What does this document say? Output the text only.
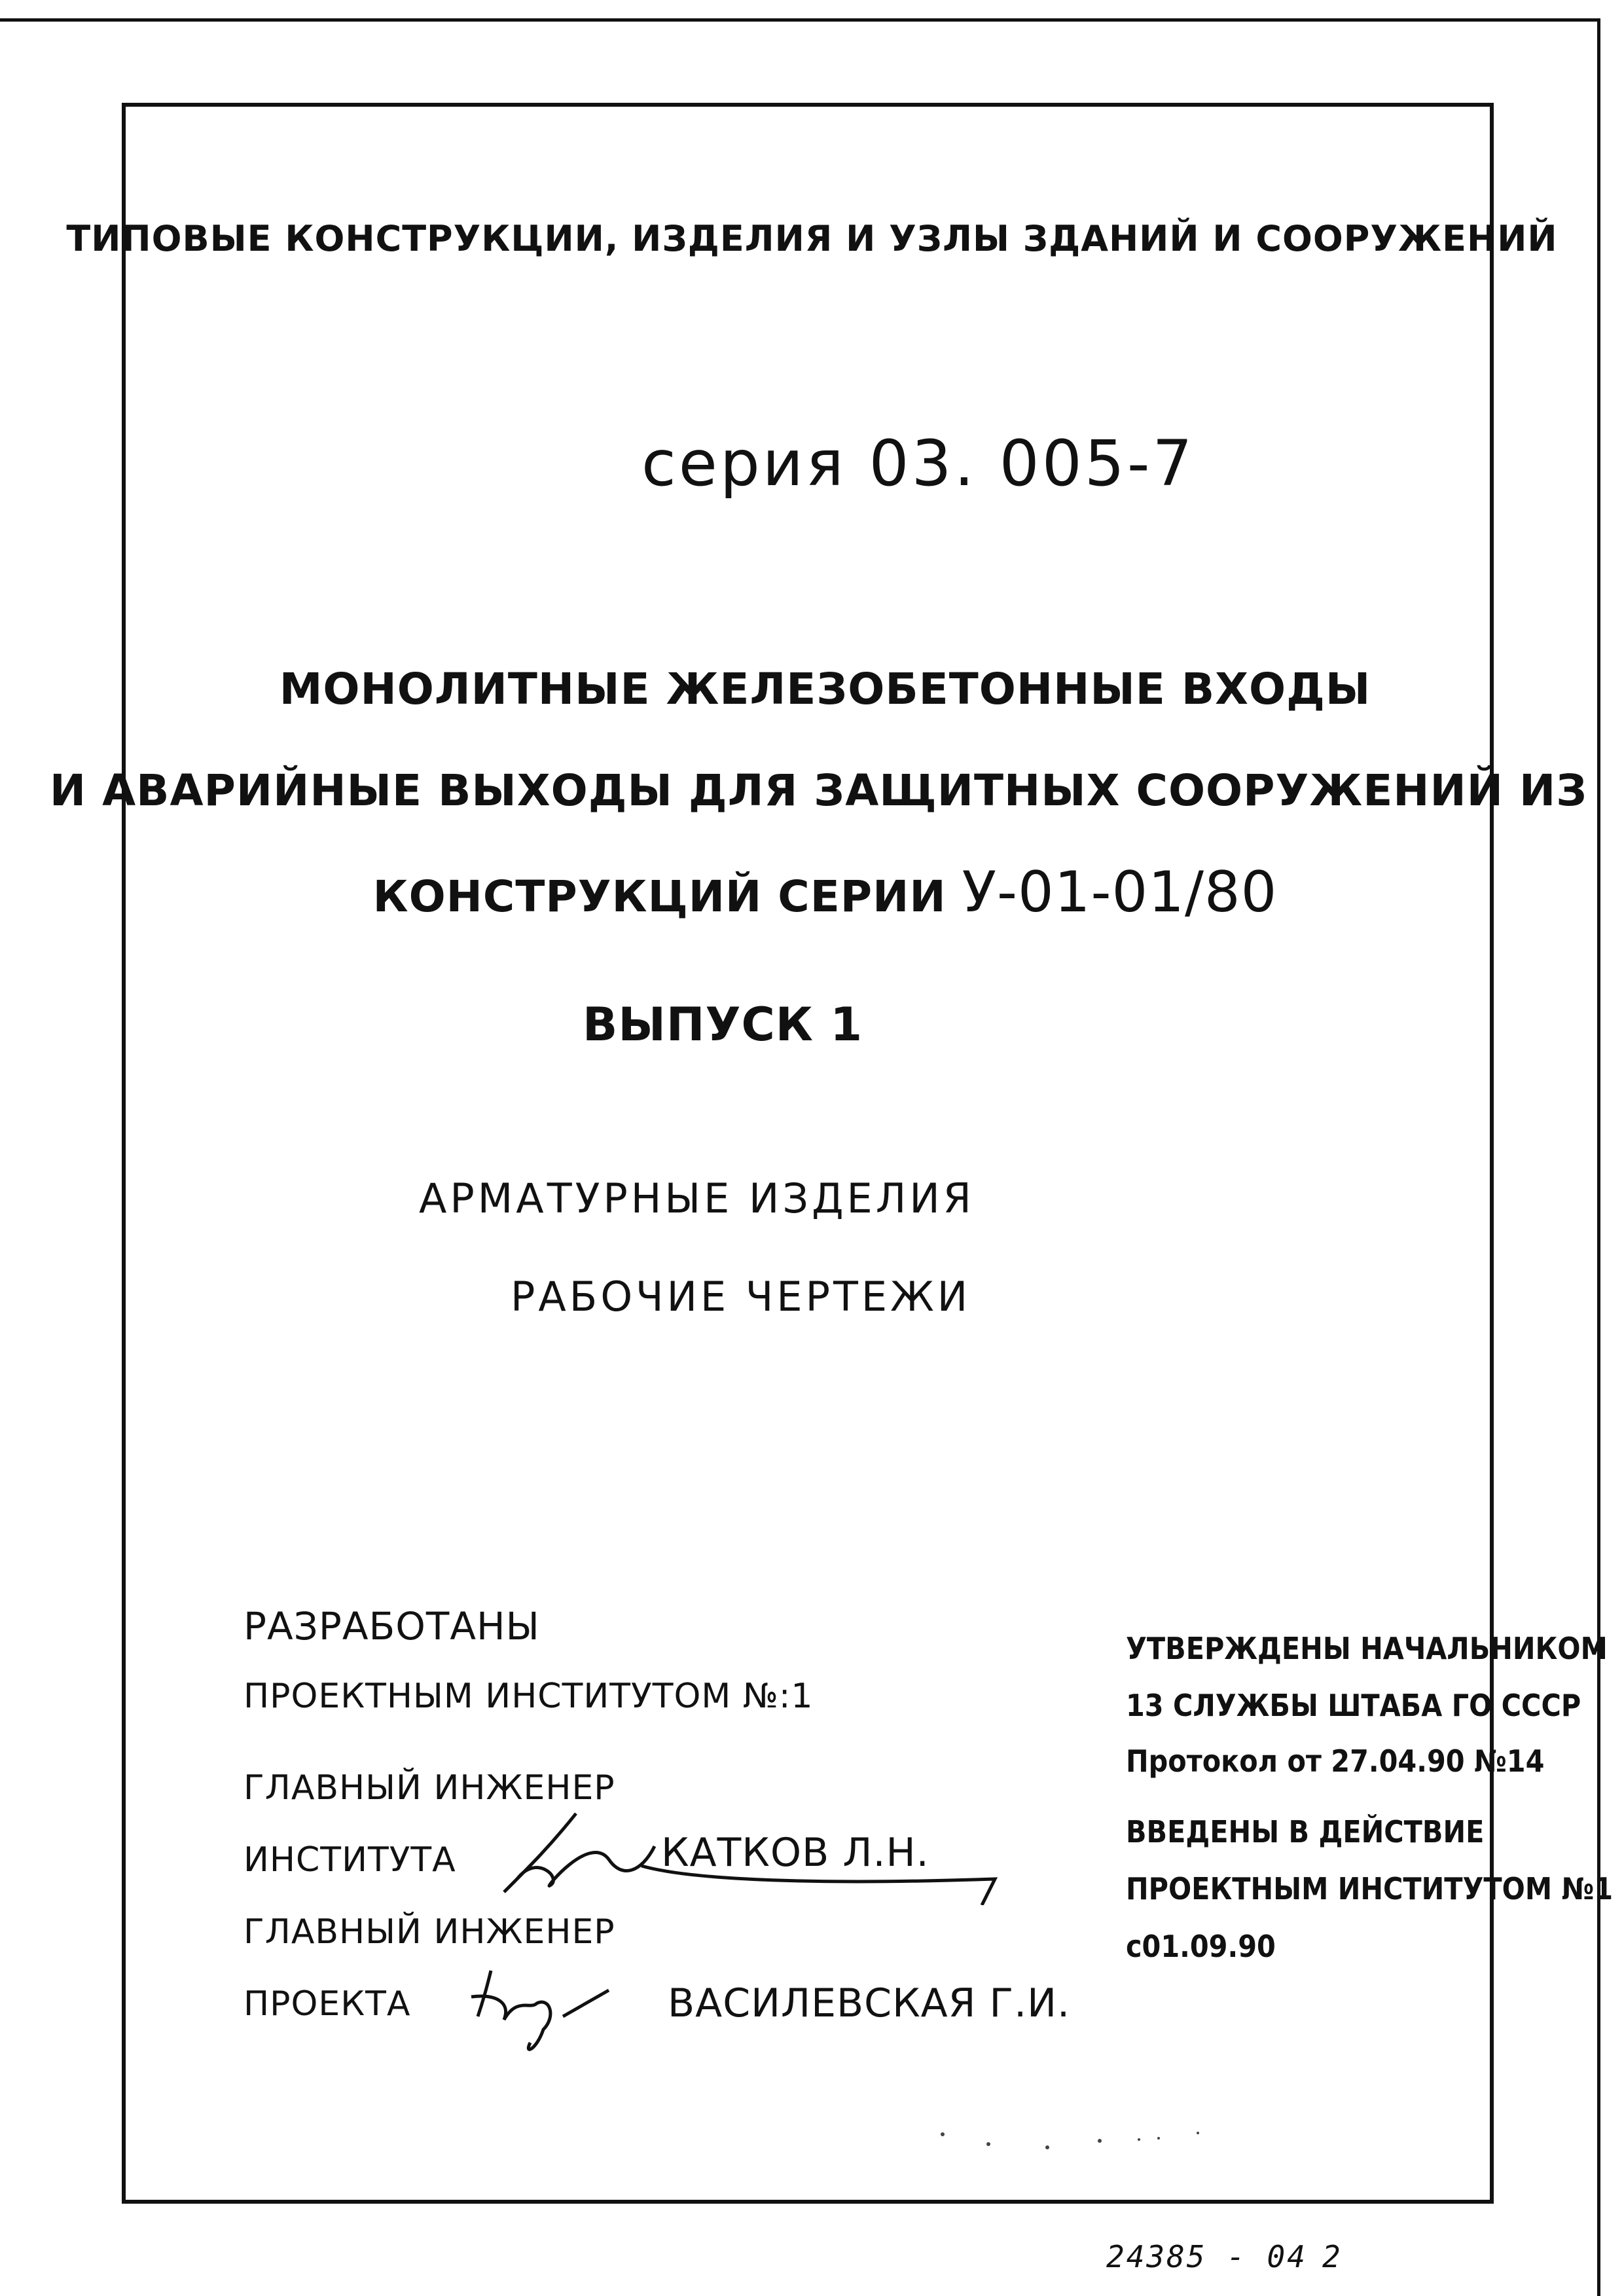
ТИПОВЫЕ КОНСТРУКЦИИ, ИЗДЕЛИЯ И УЗЛЫ ЗДАНИЙ И СООРУЖЕНИЙ
серия 03. 005-7
МОНОЛИТНЫЕ ЖЕЛЕЗОБЕТОННЫЕ ВХОДЫ
И АВАРИЙНЫЕ ВЫХОДЫ ДЛЯ ЗАЩИТНЫХ СООРУЖЕНИЙ ИЗ
КОНСТРУКЦИЙ СЕРИИ У-01-01/80
ВЫПУСК 1
АРМАТУРНЫЕ ИЗДЕЛИЯ
РАБОЧИЕ ЧЕРТЕЖИ
РАЗРАБОТАНЫ
ПРОЕКТНЫМ ИНСТИТУТОМ №:1
ГЛАВНЫЙ ИНЖЕНЕР
ИНСТИТУТА	КАТКОВ Л.Н.
ГЛАВНЫЙ ИНЖЕНЕР
ПРОЕКТА	ВАСИЛЕВСКАЯ Г.И.
УТВЕРЖДЕНЫ НАЧАЛЬНИКОМ
13 СЛУЖБЫ ШТАБА ГО СССР
Протокол от 27.04.90 №14
ВВЕДЕНЫ В ДЕЙСТВИЕ
ПРОЕКТНЫМ ИНСТИТУТОМ №1
с01.09.90
24385 - 04 2
